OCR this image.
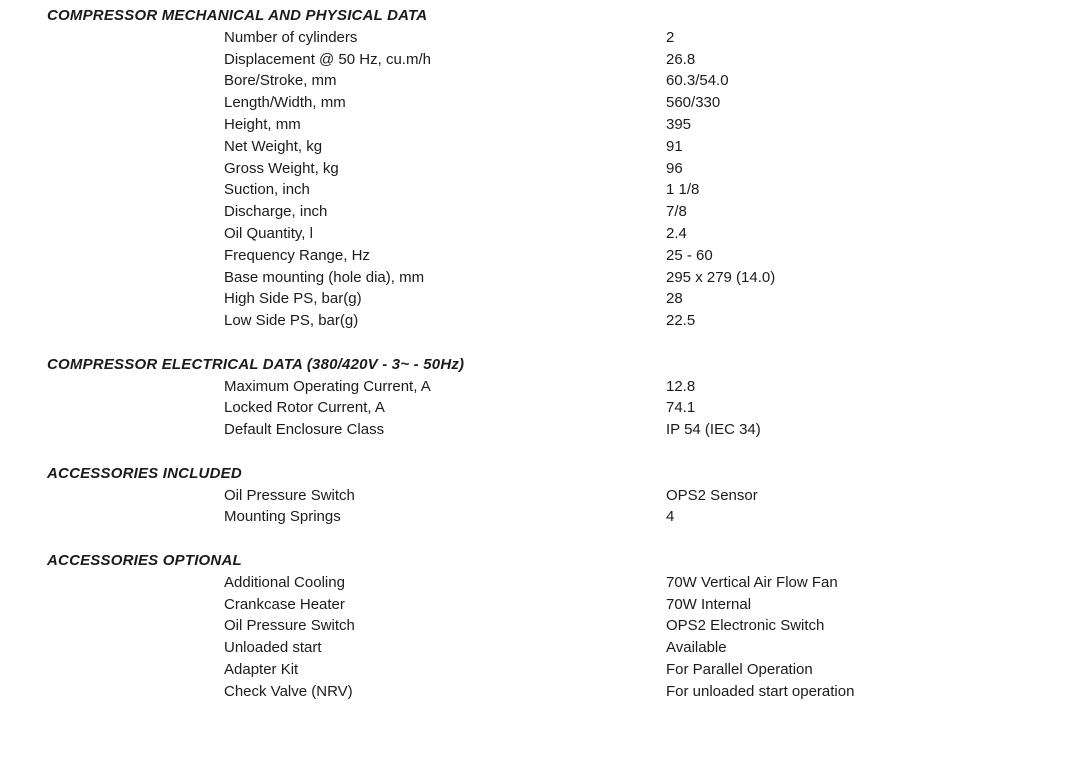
COMPRESSOR MECHANICAL AND PHYSICAL DATA
Number of cylinders	2
Displacement @ 50 Hz, cu.m/h	26.8
Bore/Stroke, mm	60.3/54.0
Length/Width, mm	560/330
Height, mm	395
Net Weight, kg	91
Gross Weight, kg	96
Suction, inch	1 1/8
Discharge, inch	7/8
Oil Quantity, l	2.4
Frequency Range, Hz	25 - 60
Base mounting (hole dia), mm	295 x 279 (14.0)
High Side PS, bar(g)	28
Low Side PS, bar(g)	22.5
COMPRESSOR ELECTRICAL DATA (380/420V - 3~ - 50Hz)
Maximum Operating Current, A	12.8
Locked Rotor Current, A	74.1
Default Enclosure Class	IP 54 (IEC 34)
ACCESSORIES INCLUDED
Oil Pressure Switch	OPS2 Sensor
Mounting Springs	4
ACCESSORIES OPTIONAL
Additional Cooling	70W Vertical Air Flow Fan
Crankcase Heater	70W Internal
Oil Pressure Switch	OPS2 Electronic Switch
Unloaded start	Available
Adapter Kit	For Parallel Operation
Check Valve (NRV)	For unloaded start operation
